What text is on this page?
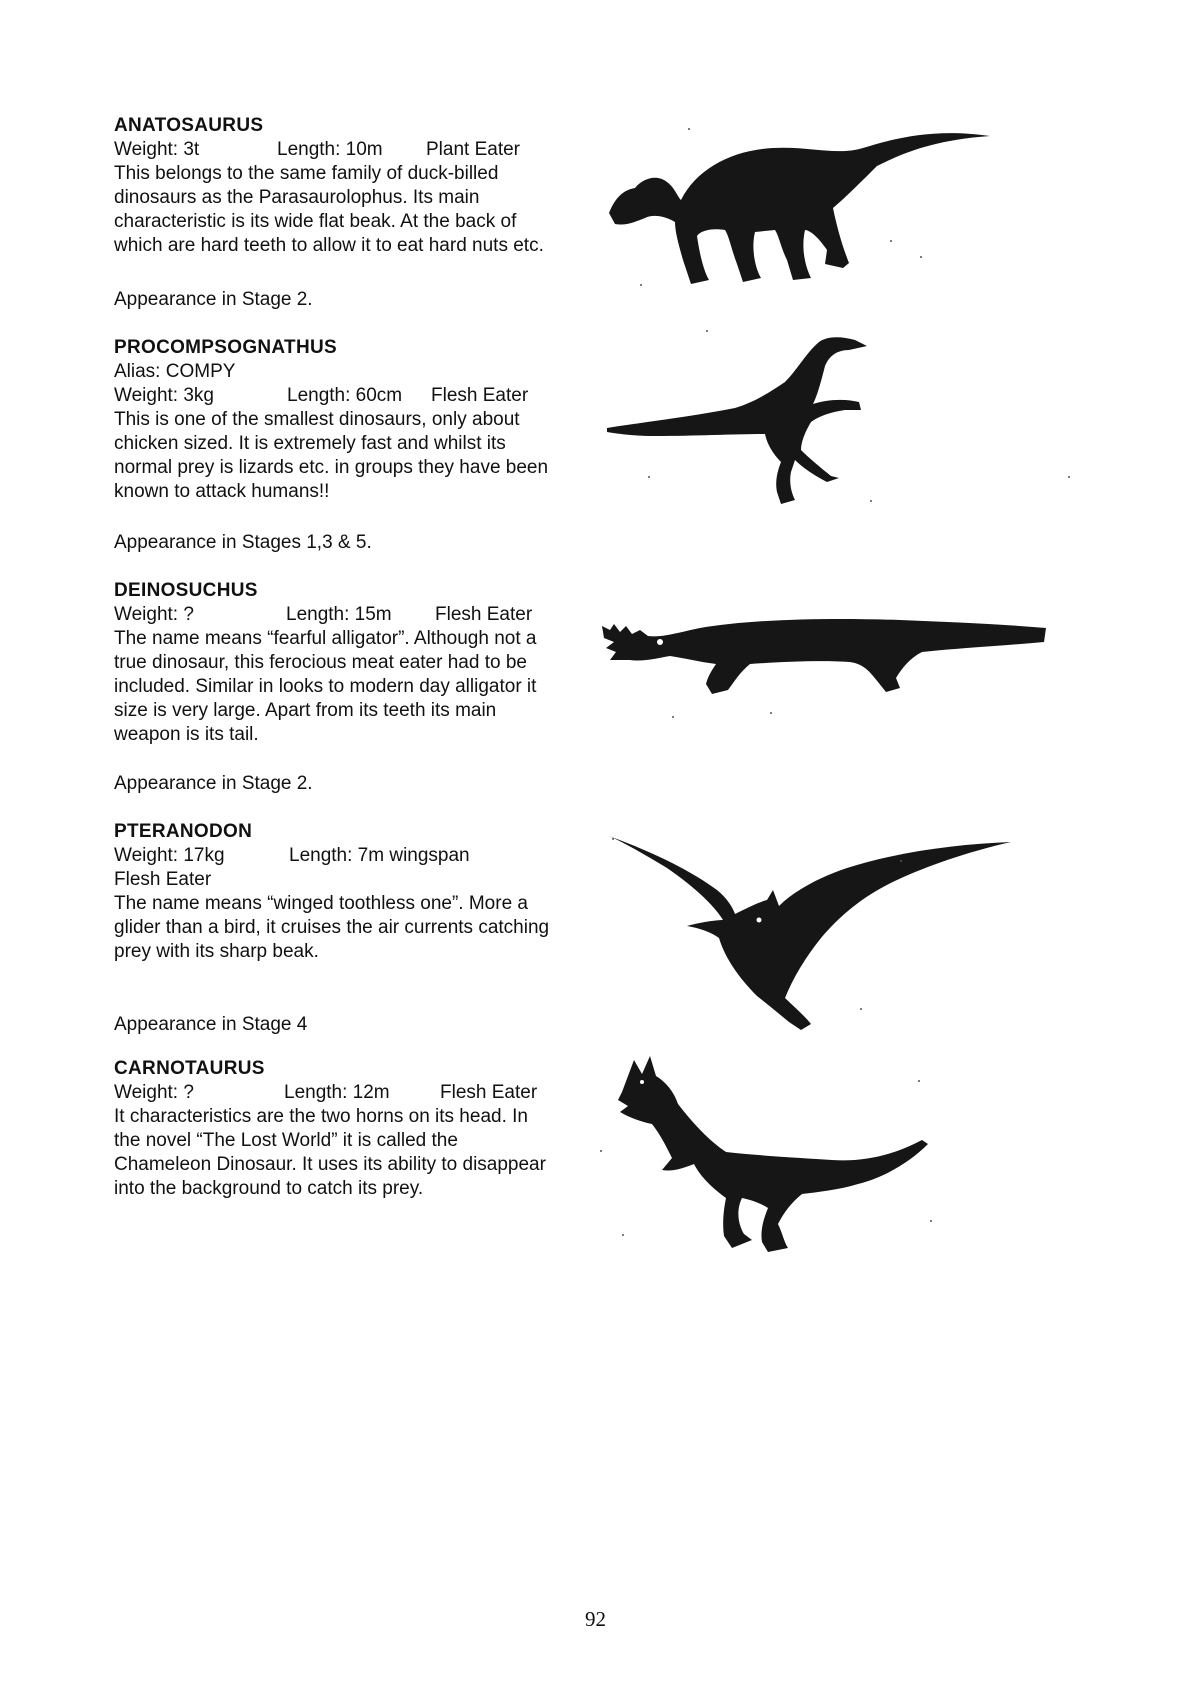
ANATOSAURUS
Weight: 3t	Length: 10m Plant Eater
This belongs to the same family of duck-billed
dinosaurs as the Parasaurolophus. Its main
characteristic is its wide flat beak. At the back of
which are hard teeth to allow it to eat hard nuts etc.
Appearance in Stage 2.
PROCOMPSOGNATHUS
Alias: COMPY
Weight: 3kg	Length: 60cm Flesh Eater
This is one of the smallest dinosaurs, only about
chicken sized. It is extremely fast and whilst its
normal prey is lizards etc. in groups they have been
known to attack humans!!
Appearance in Stages 1,3 & 5.
DEINOSUCHUS
Weight: ?	Length: 15m Flesh Eater
The name means “fearful alligator”. Although not a
true dinosaur, this ferocious meat eater had to be
included. Similar in looks to modern day alligator it
size is very large. Apart from its teeth its main
weapon is its tail.
Appearance in Stage 2.
PTERANODON
Weight: 17kg	Length: 7m wingspan
Flesh Eater
The name means “winged toothless one”. More a
glider than a bird, it cruises the air currents catching
prey with its sharp beak.
Appearance in Stage 4
CARNOTAURUS
Weight: ?	Length: 12m	Flesh Eater
It characteristics are the two horns on its head. In
the novel “The Lost World” it is called the
Chameleon Dinosaur. It uses its ability to disappear
into the background to catch its prey.
92
